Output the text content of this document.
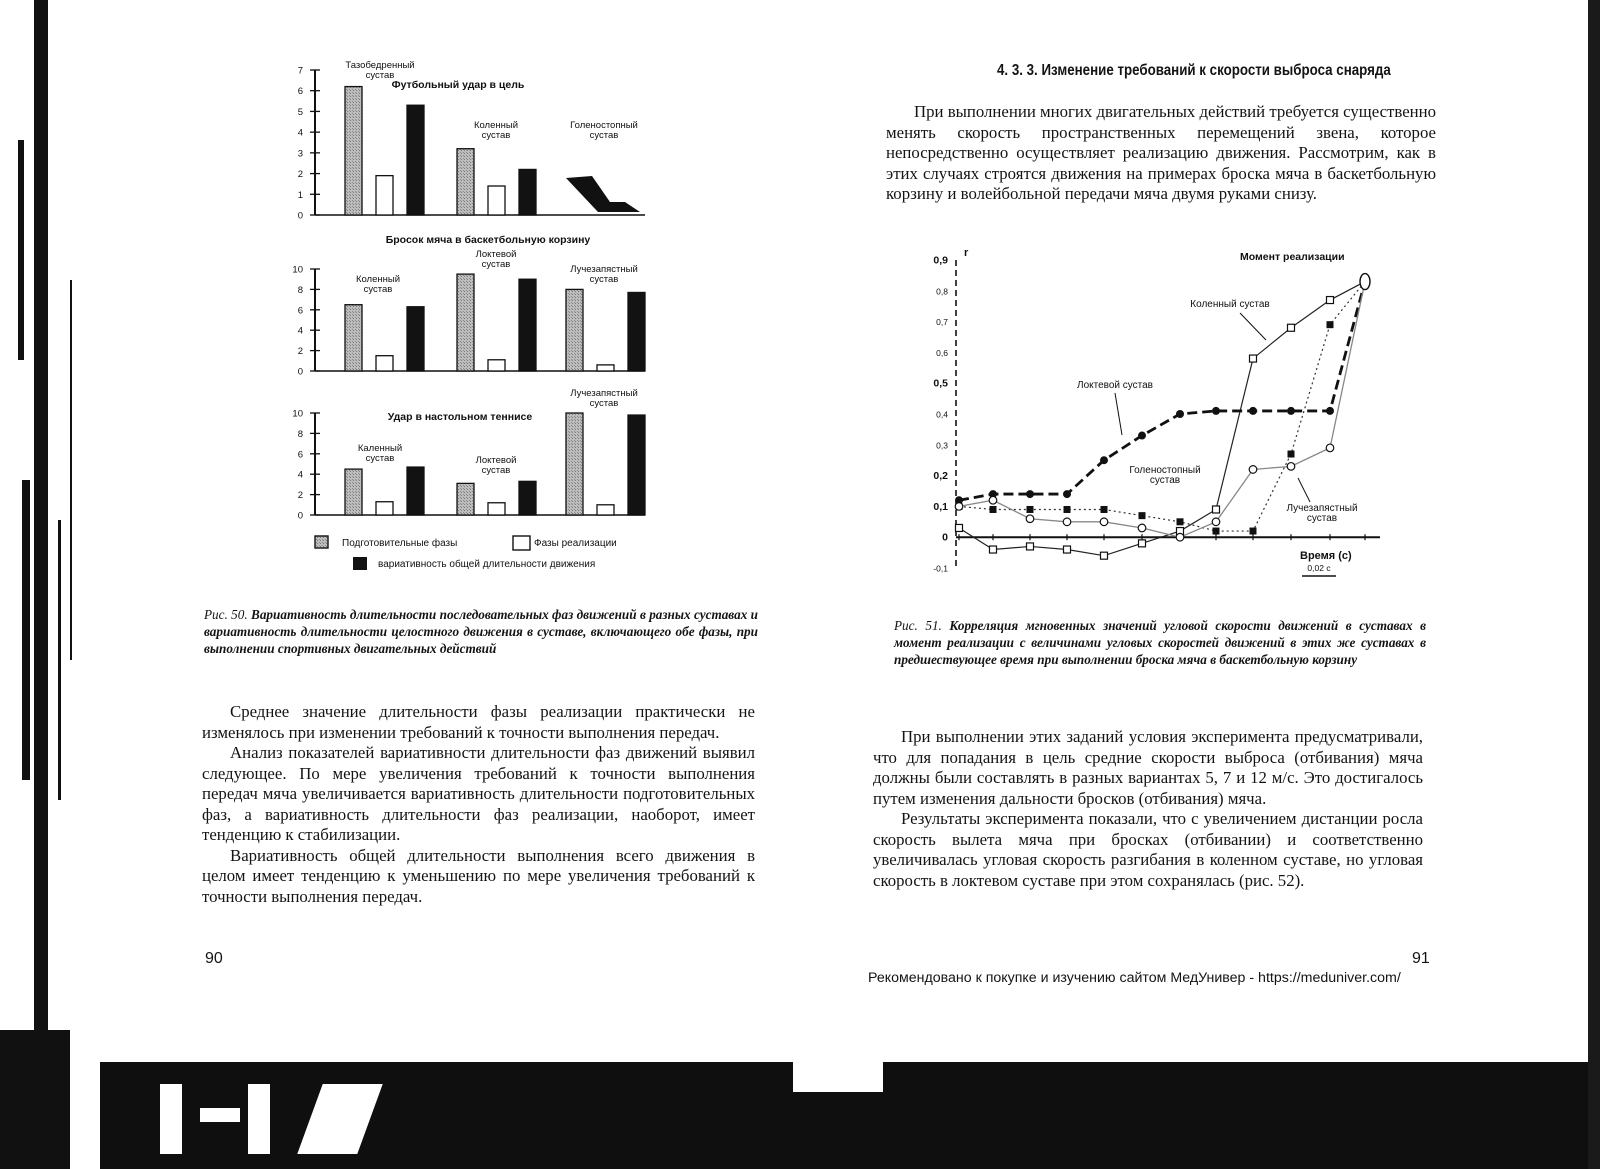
0
1
2
3
4
5
6
7
Футбольный удар в цель
Тазобедренный
сустав
Коленный
сустав
Голеностопный
сустав
0
2
4
6
8
10
Бросок мяча в баскетбольную корзину
Коленный
сустав
Локтевой
сустав	Лучезапястный
сустав
0
2
4
6
8
10	Удар в настольном теннисе
Каленный
сустав	Локтевой
сустав
Лучезапястный
сустав
Подготовительные фазы	Фазы реализации
вариативность общей длительности движения
Рис. 50. Вариативность длительности последовательных фаз движений в разных суставах и вариативность длительности целостного движения в суставе, включающего обе фазы, при выполнении спортивных двигательных действий

Среднее значение длительности фазы реализации практически не изменялось при изменении требований к точности выполнения передач.

Анализ показателей вариативности длительности фаз движений выявил следующее. По мере увеличения требований к точности выполнения передач мяча увеличивается вариативность длительности подготовительных фаз, а вариативность длительности фаз реализации, наоборот, имеет тенденцию к стабилизации.

Вариативность общей длительности выполнения всего движения в целом имеет тенденцию к уменьшению по мере увеличения требований к точности выполнения передач.

90
4. 3. 3. Изменение требований к скорости выброса снаряда

При выполнении многих двигательных действий требуется существенно менять скорость пространственных перемещений звена, которое непосредственно осуществляет реализацию движения. Рассмотрим, как в этих случаях строятся движения на примерах броска мяча в баскетбольную корзину и волейбольной передачи мяча двумя руками снизу.

r
0,9
0,8
0,7
0,6
0,5
0,4
0,3
0,2
0,1
0
-0,1
Время (с)
0,02 с
Момент реализации
Коленный сустав
Локтевой сустав
Голеностопный
сустав
Лучезапястный
сустав
Рис. 51. Корреляция мгновенных значений угловой скорости движений в суставах в момент реализации с величинами угловых скоростей движений в этих же суставах в предшествующее время при выполнении броска мяча в баскетбольную корзину

При выполнении этих заданий условия эксперимента предусматривали, что для попадания в цель средние скорости выброса (отбивания) мяча должны были составлять в разных вариантах 5, 7 и 12 м/с. Это достигалось путем изменения дальности бросков (отбивания) мяча.

Результаты эксперимента показали, что с увеличением дистанции росла скорость вылета мяча при бросках (отбивании) и соответственно увеличивалась угловая скорость разгибания в коленном суставе, но угловая скорость в локтевом суставе при этом сохранялась (рис. 52).

91
Рекомендовано к покупке и изучению сайтом МедУнивер - https://meduniver.com/
